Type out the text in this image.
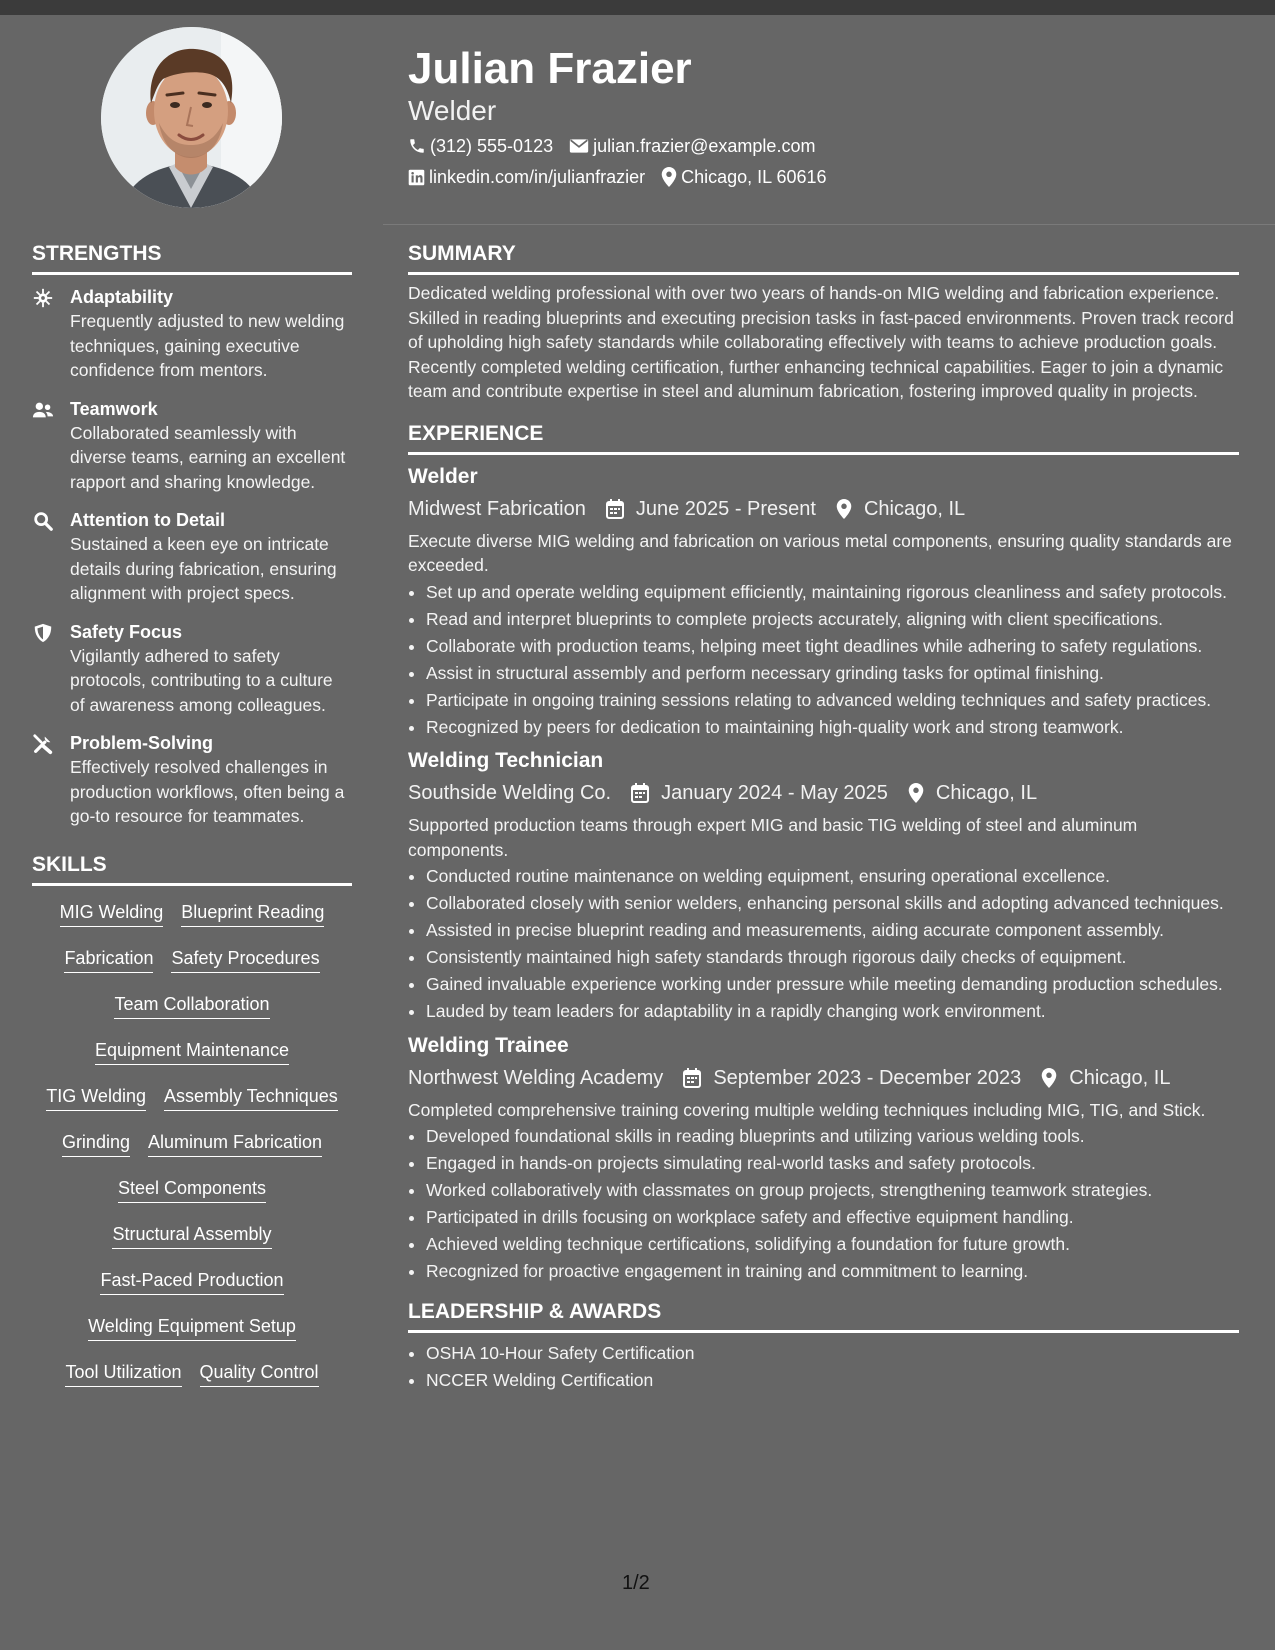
Julian Frazier
Welder
(312) 555-0123 julian.frazier@example.com
linkedin.com/in/julianfrazier Chicago, IL 60616
STRENGTHS
Adaptability
Frequently adjusted to new welding techniques, gaining executive confidence from mentors.
Teamwork
Collaborated seamlessly with diverse teams, earning an excellent rapport and sharing knowledge.
Attention to Detail
Sustained a keen eye on intricate details during fabrication, ensuring alignment with project specs.
Safety Focus
Vigilantly adhered to safety protocols, contributing to a culture of awareness among colleagues.
Problem-Solving
Effectively resolved challenges in production workflows, often being a go-to resource for teammates.
SKILLS
MIG Welding Blueprint Reading
Fabrication Safety Procedures
Team Collaboration
Equipment Maintenance
TIG Welding Assembly Techniques
Grinding Aluminum Fabrication
Steel Components
Structural Assembly
Fast-Paced Production
Welding Equipment Setup
Tool Utilization Quality Control
SUMMARY

Dedicated welding professional with over two years of hands-on MIG welding and fabrication experience. Skilled in reading blueprints and executing precision tasks in fast-paced environments. Proven track record of upholding high safety standards while collaborating effectively with teams to achieve production goals. Recently completed welding certification, further enhancing technical capabilities. Eager to join a dynamic team and contribute expertise in steel and aluminum fabrication, fostering improved quality in projects.

EXPERIENCE
Welder
Midwest Fabrication	June 2025 - Present Chicago, IL

Execute diverse MIG welding and fabrication on various metal components, ensuring quality standards are exceeded.

• Set up and operate welding equipment efficiently, maintaining rigorous cleanliness and safety protocols.
• Read and interpret blueprints to complete projects accurately, aligning with client specifications.
• Collaborate with production teams, helping meet tight deadlines while adhering to safety regulations.
• Assist in structural assembly and perform necessary grinding tasks for optimal finishing.
• Participate in ongoing training sessions relating to advanced welding techniques and safety practices.
• Recognized by peers for dedication to maintaining high-quality work and strong teamwork.
Welding Technician
Southside Welding Co.	January 2024 - May 2025 Chicago, IL

Supported production teams through expert MIG and basic TIG welding of steel and aluminum components.

• Conducted routine maintenance on welding equipment, ensuring operational excellence.
• Collaborated closely with senior welders, enhancing personal skills and adopting advanced techniques.
• Assisted in precise blueprint reading and measurements, aiding accurate component assembly.
• Consistently maintained high safety standards through rigorous daily checks of equipment.
• Gained invaluable experience working under pressure while meeting demanding production schedules.
• Lauded by team leaders for adaptability in a rapidly changing work environment.
Welding Trainee
Northwest Welding Academy	September 2023 - December 2023 Chicago, IL

Completed comprehensive training covering multiple welding techniques including MIG, TIG, and Stick.

• Developed foundational skills in reading blueprints and utilizing various welding tools.
• Engaged in hands-on projects simulating real-world tasks and safety protocols.
• Worked collaboratively with classmates on group projects, strengthening teamwork strategies.
• Participated in drills focusing on workplace safety and effective equipment handling.
• Achieved welding technique certifications, solidifying a foundation for future growth.
• Recognized for proactive engagement in training and commitment to learning.
LEADERSHIP & AWARDS
• OSHA 10-Hour Safety Certification
• NCCER Welding Certification
1/2
